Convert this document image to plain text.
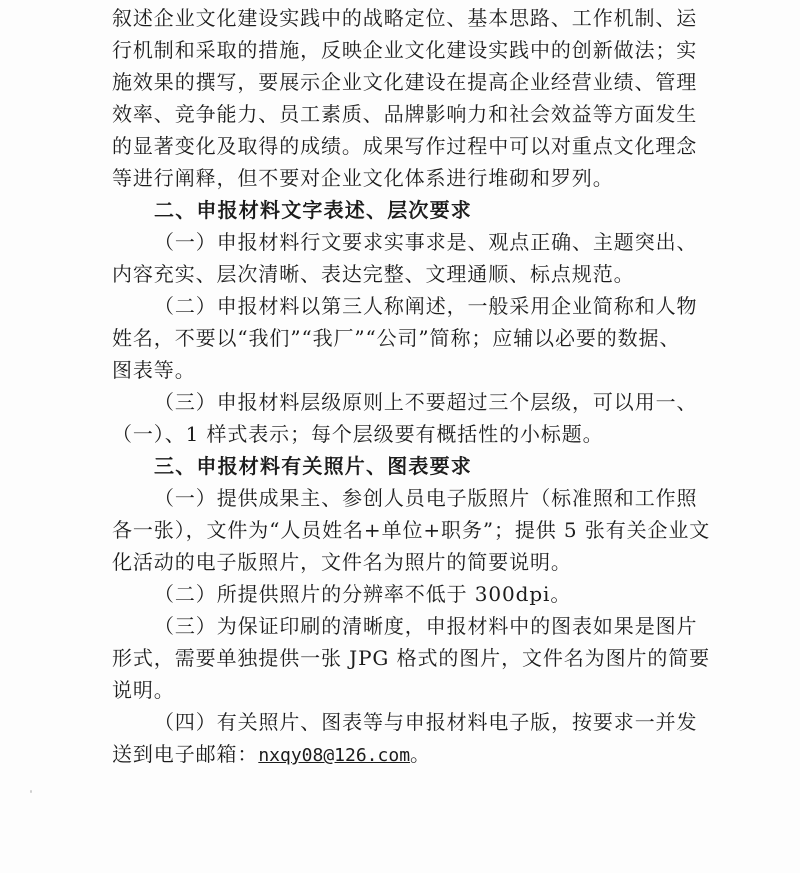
叙述企业文化建设实践中的战略定位、基本思路、工作机制、运
行机制和采取的措施，反映企业文化建设实践中的创新做法；实
施效果的撰写，要展示企业文化建设在提高企业经营业绩、管理
效率、竞争能力、员工素质、品牌影响力和社会效益等方面发生
的显著变化及取得的成绩。成果写作过程中可以对重点文化理念
等进行阐释，但不要对企业文化体系进行堆砌和罗列。
二、申报材料文字表述、层次要求
（一）申报材料行文要求实事求是、观点正确、主题突出、
内容充实、层次清晰、表达完整、文理通顺、标点规范。
（二）申报材料以第三人称阐述，一般采用企业简称和人物
姓名，不要以“我们”“我厂”“公司”简称；应辅以必要的数据、
图表等。
（三）申报材料层级原则上不要超过三个层级，可以用一、
（一）、1 样式表示；每个层级要有概括性的小标题。
三、申报材料有关照片、图表要求
（一）提供成果主、参创人员电子版照片（标准照和工作照
各一张），文件为“人员姓名+单位+职务”；提供 5 张有关企业文
化活动的电子版照片，文件名为照片的简要说明。
（二）所提供照片的分辨率不低于 300dpi。
（三）为保证印刷的清晰度，申报材料中的图表如果是图片
形式，需要单独提供一张 JPG 格式的图片，文件名为图片的简要
说明。
（四）有关照片、图表等与申报材料电子版，按要求一并发
送到电子邮箱：nxqy08@126.com。
